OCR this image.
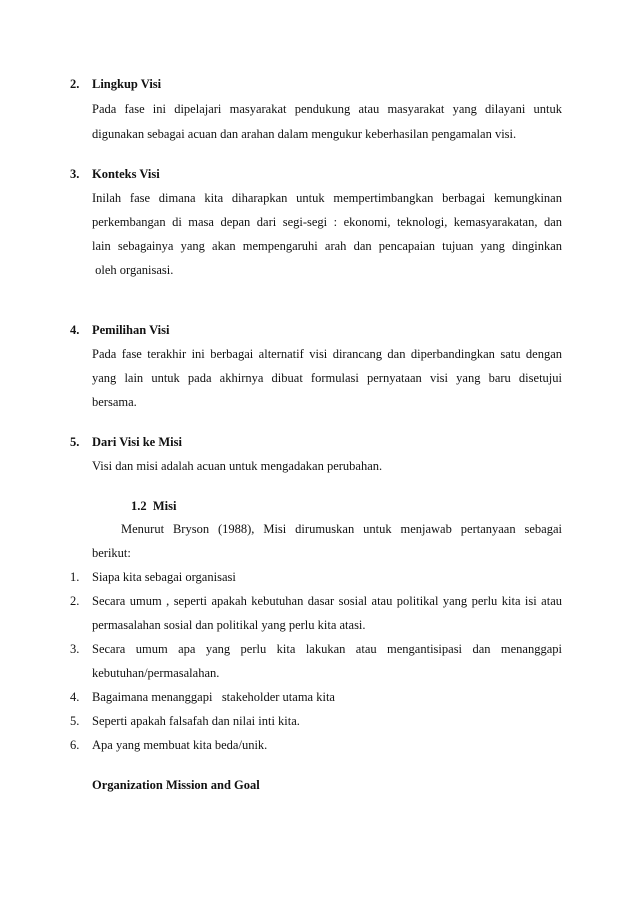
2. Lingkup Visi
Pada fase ini dipelajari masyarakat pendukung atau masyarakat yang dilayani untuk
digunakan sebagai acuan dan arahan dalam mengukur keberhasilan pengamalan visi.
3. Konteks Visi
Inilah fase dimana kita diharapkan untuk mempertimbangkan berbagai kemungkinan
perkembangan di masa depan dari segi-segi : ekonomi, teknologi, kemasyarakatan, dan
lain sebagainya yang akan mempengaruhi arah dan pencapaian tujuan yang dinginkan
oleh organisasi.
4. Pemilihan Visi
Pada fase terakhir ini berbagai alternatif visi dirancang dan diperbandingkan satu dengan
yang lain untuk pada akhirnya dibuat formulasi pernyataan visi yang baru disetujui
bersama.
5. Dari Visi ke Misi
Visi dan misi adalah acuan untuk mengadakan perubahan.
1.2  Misi
Menurut Bryson (1988), Misi dirumuskan untuk menjawab pertanyaan sebagai
berikut:
1. Siapa kita sebagai organisasi
2. Secara umum , seperti apakah kebutuhan dasar sosial atau politikal yang perlu kita isi atau
permasalahan sosial dan politikal yang perlu kita atasi.
3. Secara umum apa yang perlu kita lakukan atau mengantisipasi dan menanggapi
kebutuhan/permasalahan.
4. Bagaimana menanggapi   stakeholder utama kita
5. Seperti apakah falsafah dan nilai inti kita.
6. Apa yang membuat kita beda/unik.
Organization Mission and Goal
